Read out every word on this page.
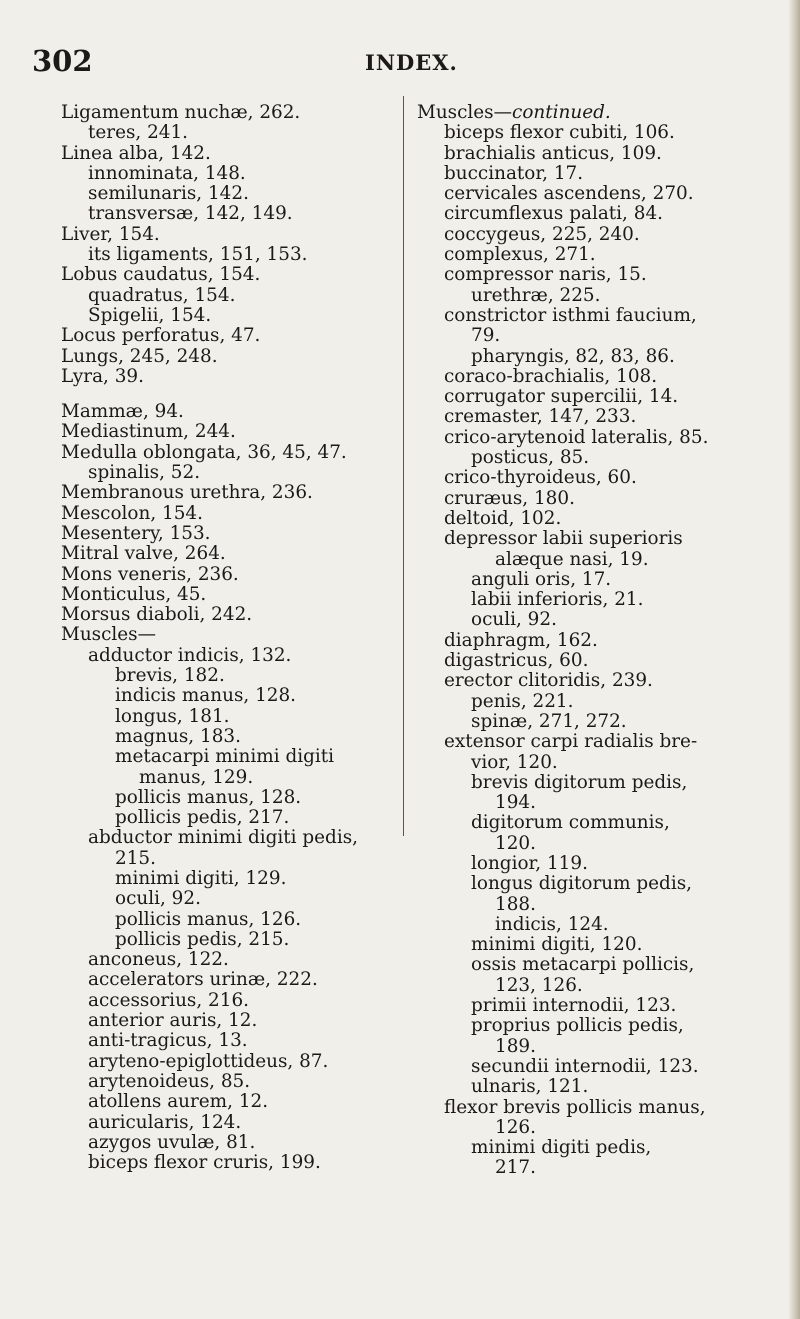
302	INDEX.
Ligamentum nuchæ, 262.
teres, 241.
Linea alba, 142.
innominata, 148.
semilunaris, 142.
transversæ, 142, 149.
Liver, 154.
its ligaments, 151, 153.
Lobus caudatus, 154.
quadratus, 154.
Spigelii, 154.
Locus perforatus, 47.
Lungs, 245, 248.
Lyra, 39.
Mammæ, 94.
Mediastinum, 244.
Medulla oblongata, 36, 45, 47.
spinalis, 52.
Membranous urethra, 236.
Mescolon, 154.
Mesentery, 153.
Mitral valve, 264.
Mons veneris, 236.
Monticulus, 45.
Morsus diaboli, 242.
Muscles—
adductor indicis, 132.
brevis, 182.
indicis manus, 128.
longus, 181.
magnus, 183.
metacarpi minimi digiti
manus, 129.
pollicis manus, 128.
pollicis pedis, 217.
abductor minimi digiti pedis,
215.
minimi digiti, 129.
oculi, 92.
pollicis manus, 126.
pollicis pedis, 215.
anconeus, 122.
accelerators urinæ, 222.
accessorius, 216.
anterior auris, 12.
anti-tragicus, 13.
aryteno-epiglottideus, 87.
arytenoideus, 85.
atollens aurem, 12.
auricularis, 124.
azygos uvulæ, 81.
biceps flexor cruris, 199.
Muscles—continued.
biceps flexor cubiti, 106.
brachialis anticus, 109.
buccinator, 17.
cervicales ascendens, 270.
circumflexus palati, 84.
coccygeus, 225, 240.
complexus, 271.
compressor naris, 15.
urethræ, 225.
constrictor isthmi faucium,
79.
pharyngis, 82, 83, 86.
coraco-brachialis, 108.
corrugator supercilii, 14.
cremaster, 147, 233.
crico-arytenoid lateralis, 85.
posticus, 85.
crico-thyroideus, 60.
cruræus, 180.
deltoid, 102.
depressor labii superioris
alæque nasi, 19.
anguli oris, 17.
labii inferioris, 21.
oculi, 92.
diaphragm, 162.
digastricus, 60.
erector clitoridis, 239.
penis, 221.
spinæ, 271, 272.
extensor carpi radialis bre-
vior, 120.
brevis digitorum pedis,
194.
digitorum communis,
120.
longior, 119.
longus digitorum pedis,
188.
indicis, 124.
minimi digiti, 120.
ossis metacarpi pollicis,
123, 126.
primii internodii, 123.
proprius pollicis pedis,
189.
secundii internodii, 123.
ulnaris, 121.
flexor brevis pollicis manus,
126.
minimi digiti pedis,
217.
